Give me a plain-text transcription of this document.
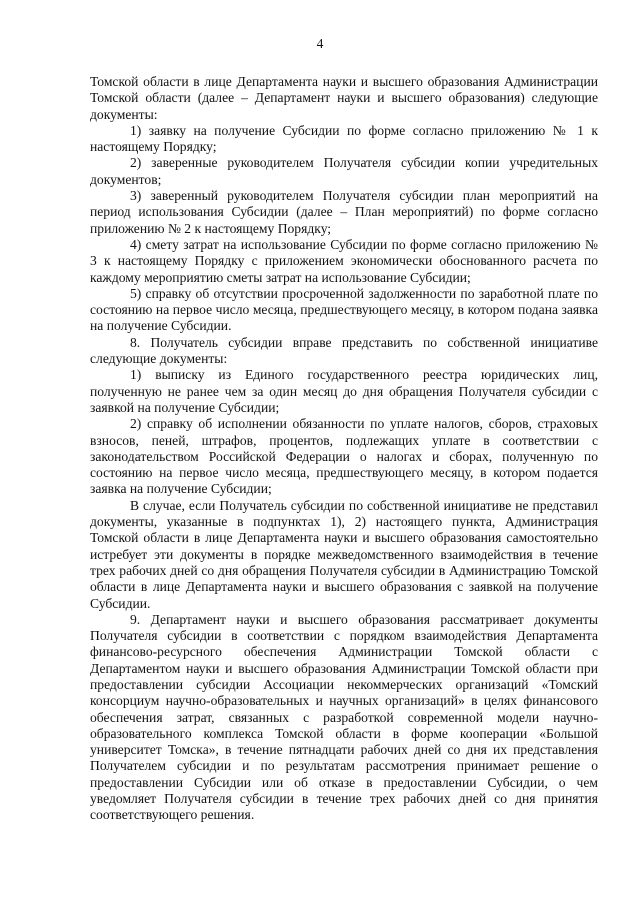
4

Томской области в лице Департамента науки и высшего образования Администрации Томской области (далее – Департамент науки и высшего образования) следующие документы:

1) заявку на получение Субсидии по форме согласно приложению № 1 к настоящему Порядку;

2) заверенные руководителем Получателя субсидии копии учредительных документов;

3) заверенный руководителем Получателя субсидии план мероприятий на период использования Субсидии (далее – План мероприятий) по форме согласно приложению № 2 к настоящему Порядку;

4) смету затрат на использование Субсидии по форме согласно приложению № 3 к настоящему Порядку с приложением экономически обоснованного расчета по каждому мероприятию сметы затрат на использование Субсидии;

5) справку об отсутствии просроченной задолженности по заработной плате по состоянию на первое число месяца, предшествующего месяцу, в котором подана заявка на получение Субсидии.

8. Получатель субсидии вправе представить по собственной инициативе следующие документы:

1) выписку из Единого государственного реестра юридических лиц, полученную не ранее чем за один месяц до дня обращения Получателя субсидии с заявкой на получение Субсидии;

2) справку об исполнении обязанности по уплате налогов, сборов, страховых взносов, пеней, штрафов, процентов, подлежащих уплате в соответствии с законодательством Российской Федерации о налогах и сборах, полученную по состоянию на первое число месяца, предшествующего месяцу, в котором подается заявка на получение Субсидии;

В случае, если Получатель субсидии по собственной инициативе не представил документы, указанные в подпунктах 1), 2) настоящего пункта, Администрация Томской области в лице Департамента науки и высшего образования самостоятельно истребует эти документы в порядке межведомственного взаимодействия в течение трех рабочих дней со дня обращения Получателя субсидии в Администрацию Томской области в лице Департамента науки и высшего образования с заявкой на получение Субсидии.

9. Департамент науки и высшего образования рассматривает документы Получателя субсидии в соответствии с порядком взаимодействия Департамента финансово-ресурсного обеспечения Администрации Томской области с Департаментом науки и высшего образования Администрации Томской области при предоставлении субсидии Ассоциации некоммерческих организаций «Томский консорциум научно-образовательных и научных организаций» в целях финансового обеспечения затрат, связанных с разработкой современной модели научно-образовательного комплекса Томской области в форме кооперации «Большой университет Томска», в течение пятнадцати рабочих дней со дня их представления Получателем субсидии и по результатам рассмотрения принимает решение о предоставлении Субсидии или об отказе в предоставлении Субсидии, о чем уведомляет Получателя субсидии в течение трех рабочих дней со дня принятия соответствующего решения.
